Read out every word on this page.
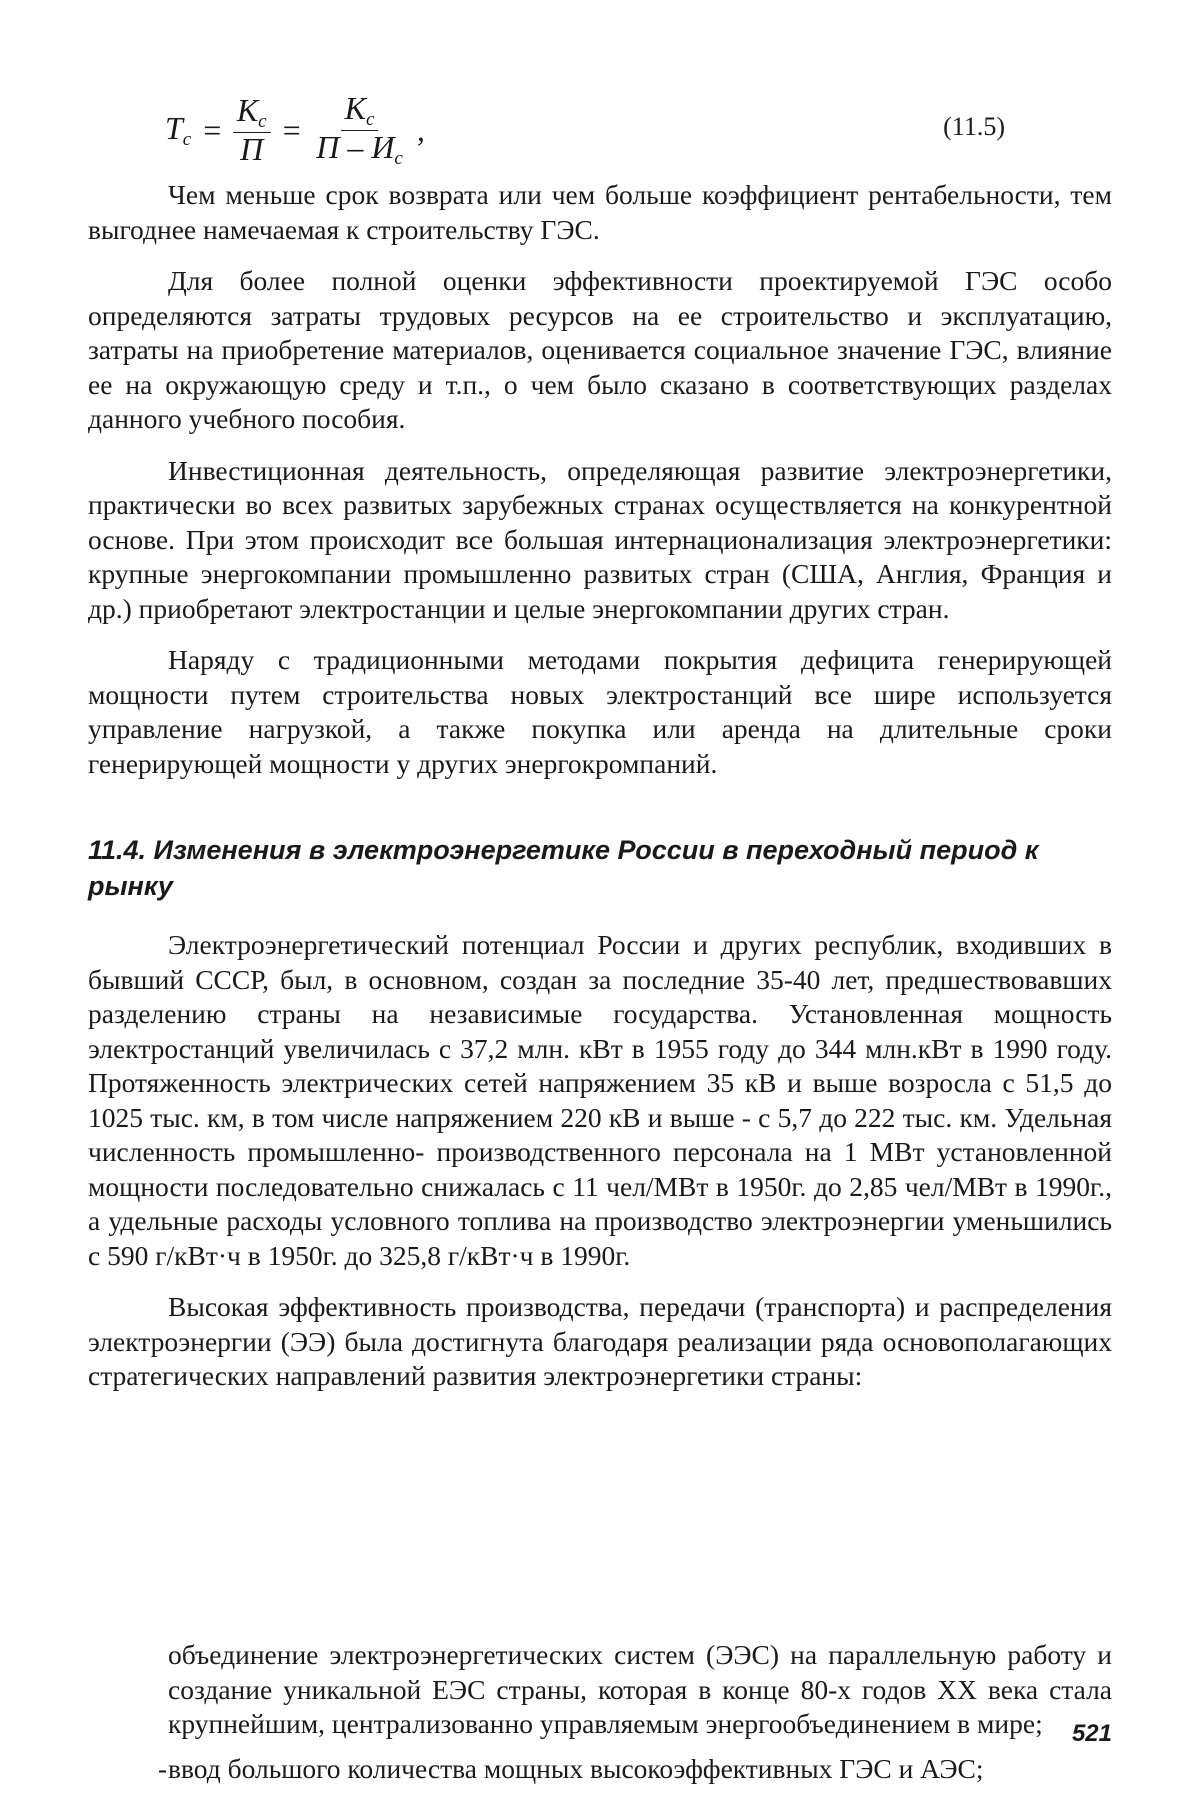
$T_c = \frac{K_c}{П} = \frac{K_c}{П - И_c}$ ,	(11.5)

Чем меньше срок возврата или чем больше коэффициент рентабельности, тем выгоднее намечаемая к строительству ГЭС.

Для более полной оценки эффективности проектируемой ГЭС особо определяются затраты трудовых ресурсов на ее строительство и эксплуатацию, затраты на приобретение материалов, оценивается социальное значение ГЭС, влияние ее на окружающую среду и т.п., о чем было сказано в соответствующих разделах данного учебного пособия.

Инвестиционная деятельность, определяющая развитие электроэнергетики, практически во всех развитых зарубежных странах осуществляется на конкурентной основе. При этом происходит все большая интернационализация электроэнергетики: крупные энергокомпании промышленно развитых стран (США, Англия, Франция и др.) приобретают электростанции и целые энергокомпании других стран.

Наряду с традиционными методами покрытия дефицита генерирующей мощности путем строительства новых электростанций все шире используется управление нагрузкой, а также покупка или аренда на длительные сроки генерирующей мощности у других энергокромпаний.

11.4. Изменения в электроэнергетике России в переходный период к рынку

Электроэнергетический потенциал России и других республик, входивших в бывший СССР, был, в основном, создан за последние 35-40 лет, предшествовавших разделению страны на независимые государства. Установленная мощность электростанций увеличилась с 37,2 млн. кВт в 1955 году до 344 млн.кВт в 1990 году. Протяженность электрических сетей напряжением 35 кВ и выше возросла с 51,5 до 1025 тыс. км, в том числе напряжением 220 кВ и выше - с 5,7 до 222 тыс. км. Удельная численность промышленно- производственного персонала на 1 МВт установленной мощности последовательно снижалась с 11 чел/МВт в 1950г. до 2,85 чел/МВт в 1990г., а удельные расходы условного топлива на производство электроэнергии уменьшились с 590 г/кВт·ч в 1950г. до 325,8 г/кВт·ч в 1990г.

Высокая эффективность производства, передачи (транспорта) и распределения электроэнергии (ЭЭ) была достигнута благодаря реализации ряда основополагающих стратегических направлений развития электроэнергетики страны:

объединение электроэнергетических систем (ЭЭС) на параллельную работу и создание уникальной ЕЭС страны, которая в конце 80-х годов XX века стала крупнейшим, централизованно управляемым энергообъединением в мире;
- ввод большого количества мощных высокоэффективных ГЭС и АЭС;
521
